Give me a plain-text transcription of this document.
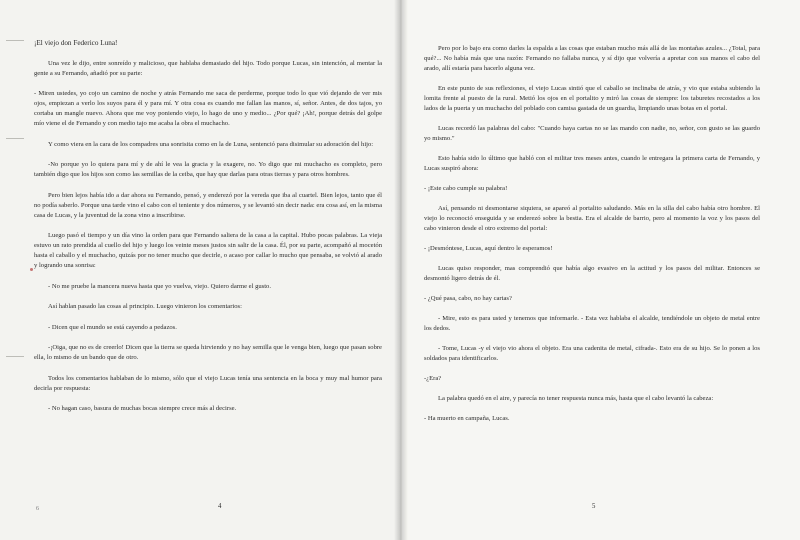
¡El viejo don Federico Luna!

Una vez le dijo, entre sonreído y malicioso, que hablaba demasiado del hijo. Todo porque Lucas, sin intención, al mentar la gente a su Fernando, añadió por su parte:

- Miren ustedes, yo cojo un camino de noche y atrás Fernando me saca de perderme, porque todo lo que vió dejando de ver mis ojos, empiezan a verlo los suyos para él y para mí. Y otra cosa es cuando me fallan las manos, sí, señor. Antes, de dos tajos, yo cortaba un mangle nuevo. Ahora que me voy poniendo viejo, lo hago de uno y medio... ¿Por qué? ¡Ah!, porque detrás del golpe mío viene el de Fernando y con medio tajo me acaba la obra el muchacho.

Y como viera en la cara de los compadres una sonrisita como en la de Luna, sentenció para disimular su adoración del hijo:

-No porque yo lo quiera para mí y de ahí le vea la gracia y la exagere, no. Yo digo que mi muchacho es completo, pero también digo que los hijos son como las semillas de la ceiba, que hay que darlas para otras tierras y para otros hombres.

Pero bien lejos había ido a dar ahora su Fernando, pensó, y enderezó por la vereda que iba al cuartel. Bien lejos, tanto que él no podía saberlo. Porque una tarde vino el cabo con el teniente y dos números, y se levantó sin decir nada: era cosa así, en la misma casa de Lucas, y la juventud de la zona vino a inscribirse.

Luego pasó el tiempo y un día vino la orden para que Fernando saliera de la casa a la capital. Hubo pocas palabras. La vieja estuvo un rato prendida al cuello del hijo y luego los veinte meses justos sin salir de la casa. Él, por su parte, acompañó al mocetón hasta el caballo y el muchacho, quizás por no tener mucho que decirle, o acaso por callar lo mucho que pensaba, se volvió al arado y logrando una sonrisa:

- No me pruebe la mancera nueva hasta que yo vuelva, viejo. Quiero darme el gusto.

Así hablan pasado las cosas al principio. Luego vinieron los comentarios:

- Dicen que el mundo se está cayendo a pedazos.

-¡Oiga, que no es de creerlo! Dicen que la tierra se queda hirviendo y no hay semilla que le venga bien, luego que pasan sobre ella, lo mismo de un bando que de otro.

Todos los comentarios hablaban de lo mismo, sólo que el viejo Lucas tenía una sentencia en la boca y muy mal humor para decirla por respuesta:

- No hagan caso, basura de muchas bocas siempre crece más al decirse.

6	4

Pero por lo bajo era como darles la espalda a las cosas que estaban mucho más allá de las montañas azules... ¿Total, para qué?... No había más que una razón: Fernando no fallaba nunca, y sí dijo que volvería a apretar con sus manos el cabo del arado, allí estaría para hacerlo alguna vez.

En este punto de sus reflexiones, el viejo Lucas sintió que el caballo se inclinaba de atrás, y vio que estaba subiendo la lomita frente al puesto de la rural. Metió los ojos en el portalito y miró las cosas de siempre: los taburetes recostados a los lados de la puerta y un muchacho del poblado con camisa gastada de un guardia, limpiando unas botas en el portal.

Lucas recordó las palabras del cabo: "Cuando haya cartas no se las mando con nadie, no, señor, con gusto se las guardo yo mismo."

Esto había sido lo último que habló con el militar tres meses antes, cuando le entregara la primera carta de Fernando, y Lucas suspiró ahora:

- ¡Este cabo cumple su palabra!

Así, pensando ni desmontarse siquiera, se apareó al portalito saludando. Más en la silla del cabo había otro hombre. El viejo lo reconoció enseguida y se enderezó sobre la bestia. Era el alcalde de barrio, pero al momento la voz y los pasos del cabo vinieron desde el otro extremo del portal:

- ¡Desmóntese, Lucas, aquí dentro le esperamos!

Lucas quiso responder, mas comprendió que había algo evasivo en la actitud y los pasos del militar. Entonces se desmontó ligero detrás de él.

- ¿Qué pasa, cabo, no hay cartas?

- Mire, esto es para usted y tenemos que informarle. - Esta vez hablaba el alcalde, tendiéndole un objeto de metal entre los dedos.

- Tome, Lucas -y el viejo vio ahora el objeto. Era una cadenita de metal, cifrada-. Esto era de su hijo. Se lo ponen a los soldados para identificarlos.

-¿Era?

La palabra quedó en el aire, y parecía no tener respuesta nunca más, hasta que el cabo levantó la cabeza:

- Ha muerto en campaña, Lucas.

5
